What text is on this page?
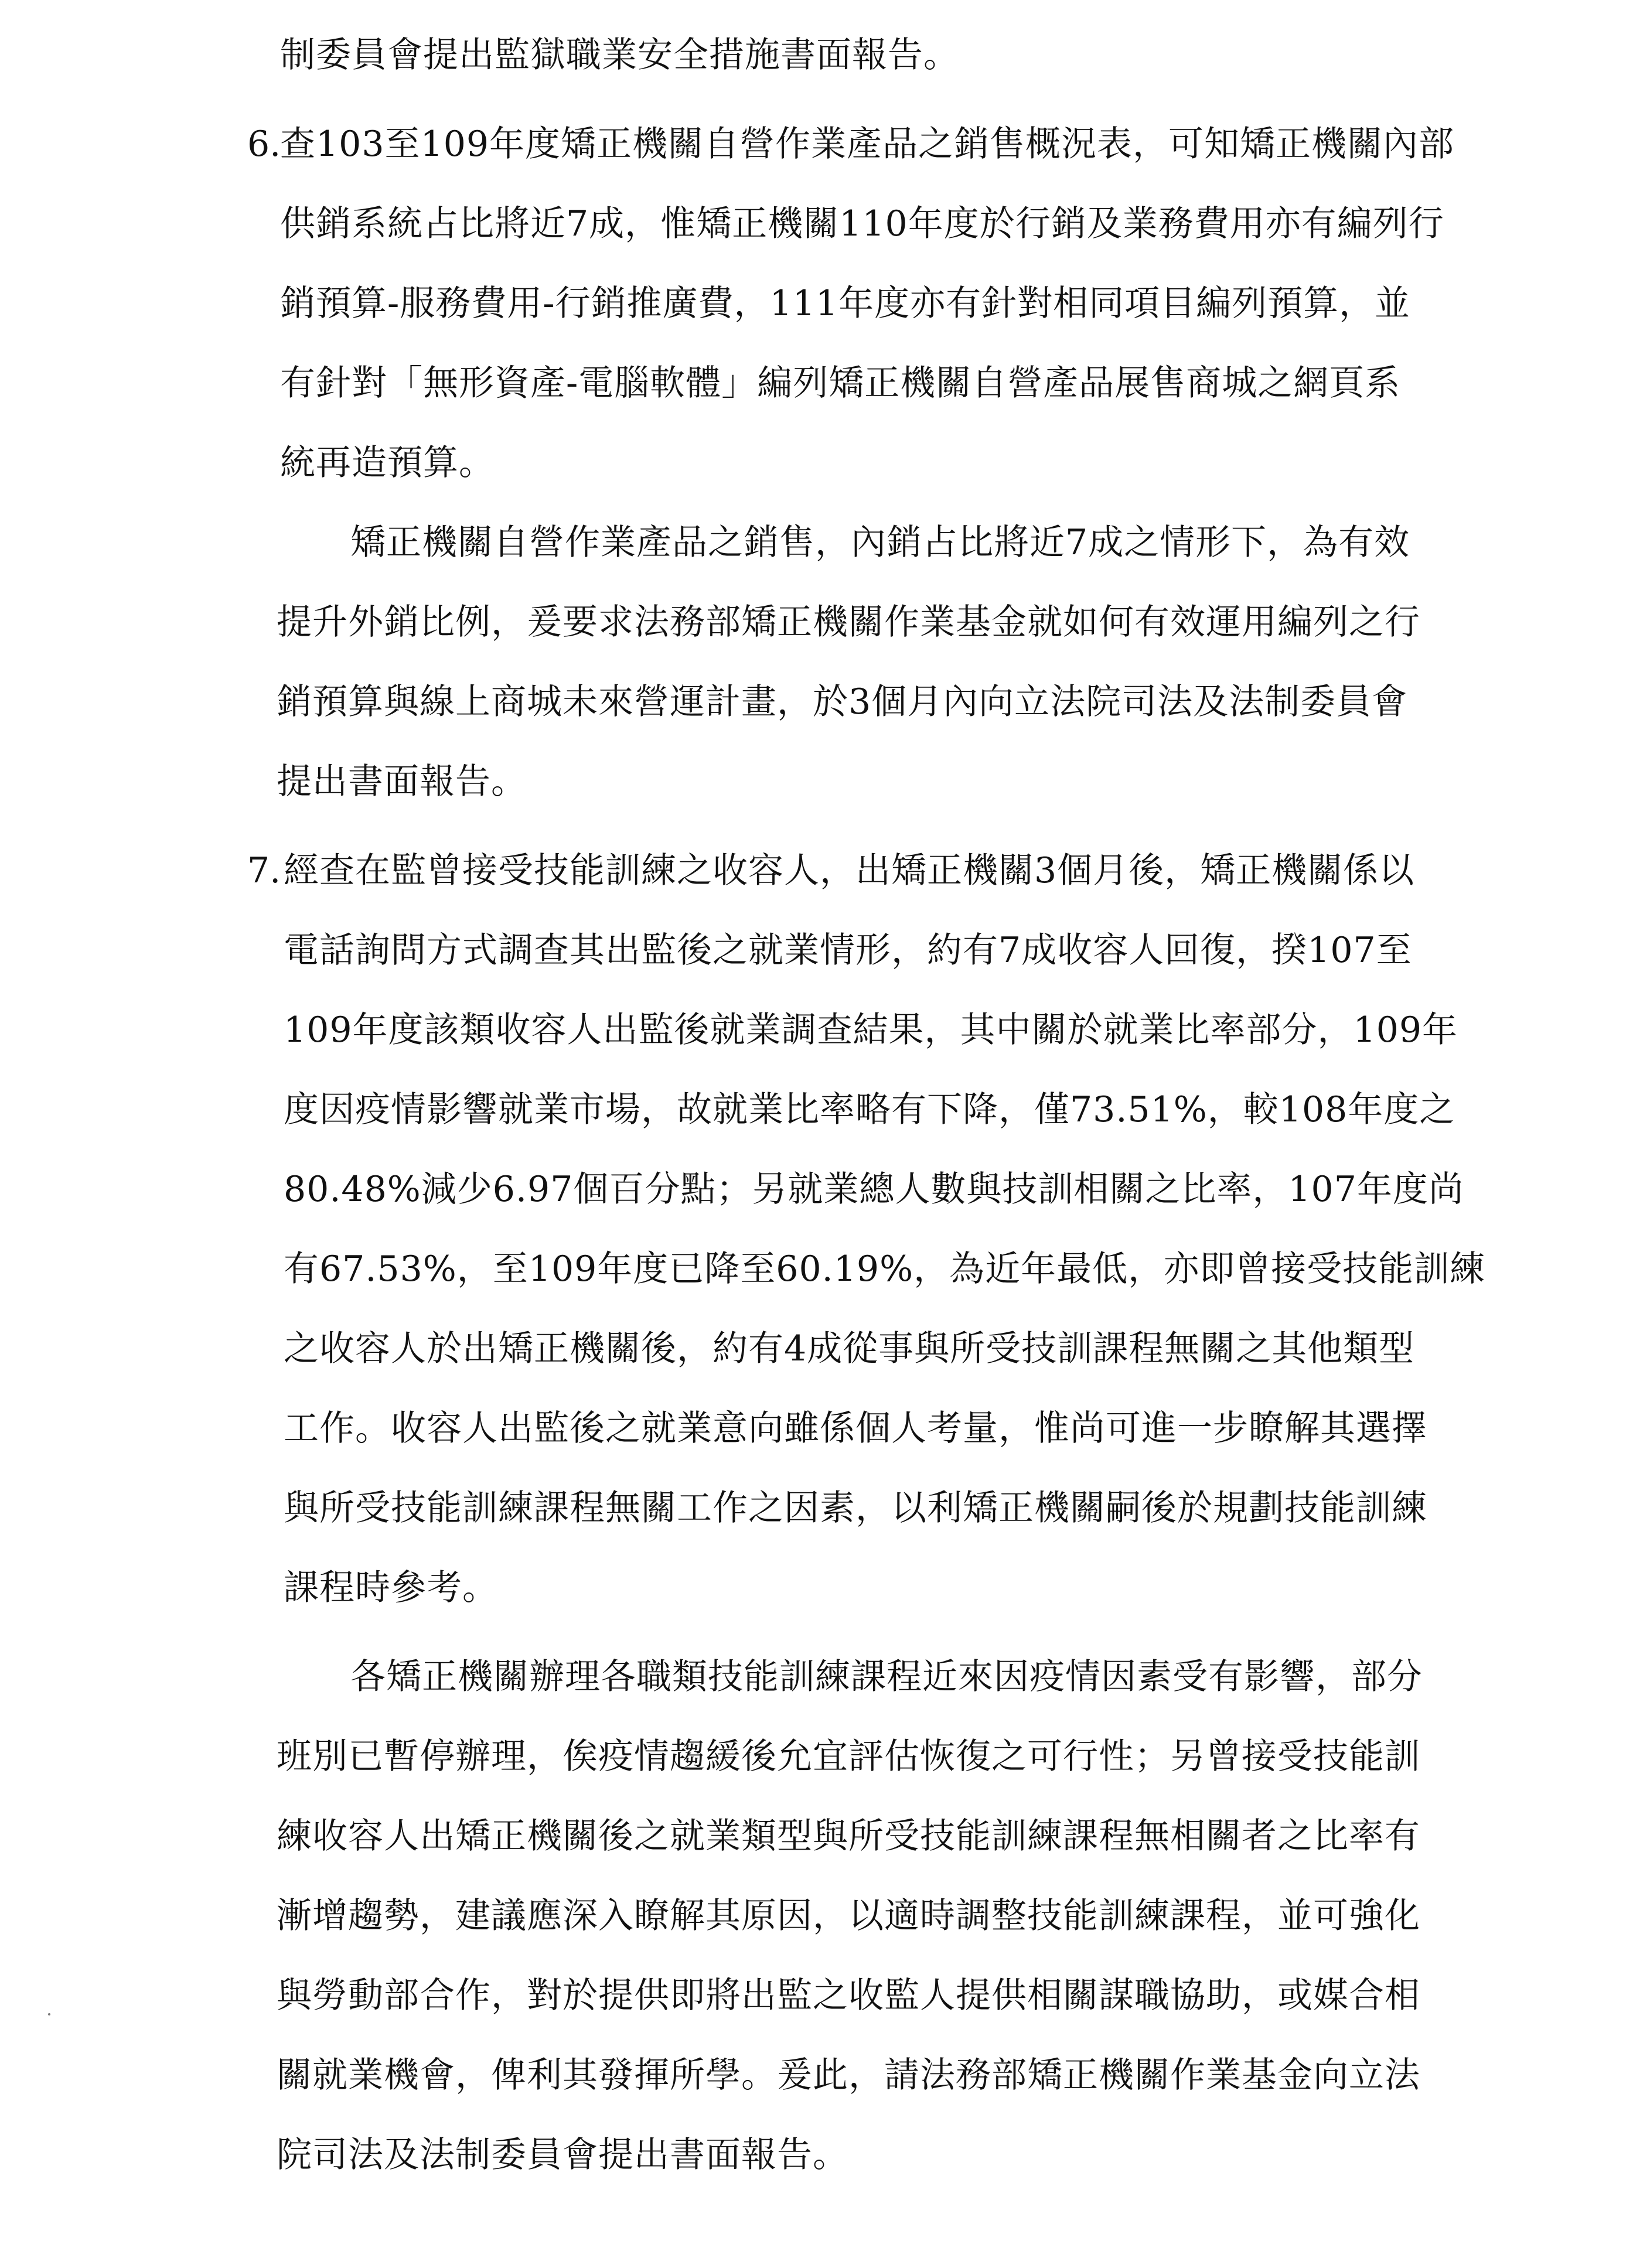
制委員會提出監獄職業安全措施書面報告。
6.
查103至109年度矯正機關自營作業產品之銷售概況表，可知矯正機關內部
供銷系統占比將近7成，惟矯正機關110年度於行銷及業務費用亦有編列行
銷預算-服務費用-行銷推廣費，111年度亦有針對相同項目編列預算，並
有針對「無形資產-電腦軟體」編列矯正機關自營產品展售商城之網頁系
統再造預算。
矯正機關自營作業產品之銷售，內銷占比將近7成之情形下，為有效
提升外銷比例，爰要求法務部矯正機關作業基金就如何有效運用編列之行
銷預算與線上商城未來營運計畫，於3個月內向立法院司法及法制委員會
提出書面報告。
7. 經查在監曾接受技能訓練之收容人，出矯正機關3個月後，矯正機關係以
電話詢問方式調查其出監後之就業情形，約有7成收容人回復，揆107至
109年度該類收容人出監後就業調查結果，其中關於就業比率部分，109年
度因疫情影響就業市場，故就業比率略有下降，僅73.51%，較108年度之
80.48%減少6.97個百分點；另就業總人數與技訓相關之比率，107年度尚
有67.53%，至109年度已降至60.19%，為近年最低，亦即曾接受技能訓練
之收容人於出矯正機關後，約有4成從事與所受技訓課程無關之其他類型
工作。收容人出監後之就業意向雖係個人考量，惟尚可進一步瞭解其選擇
與所受技能訓練課程無關工作之因素，以利矯正機關嗣後於規劃技能訓練
課程時參考。
各矯正機關辦理各職類技能訓練課程近來因疫情因素受有影響，部分
班別已暫停辦理，俟疫情趨緩後允宜評估恢復之可行性；另曾接受技能訓
練收容人出矯正機關後之就業類型與所受技能訓練課程無相關者之比率有
漸增趨勢，建議應深入瞭解其原因，以適時調整技能訓練課程，並可強化
與勞動部合作，對於提供即將出監之收監人提供相關謀職協助，或媒合相
關就業機會，俾利其發揮所學。爰此，請法務部矯正機關作業基金向立法
院司法及法制委員會提出書面報告。
